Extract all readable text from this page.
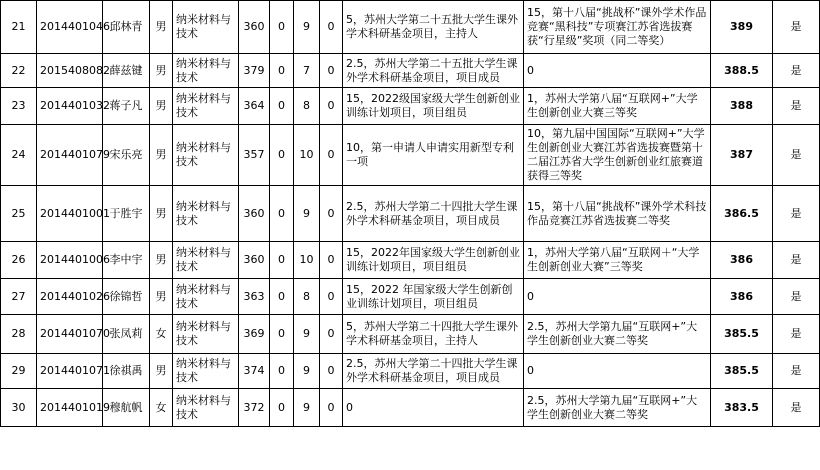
21	2014401046	邱林青	男	纳米材料与技术	360	0	9	0	5，苏州大学第二十五批大学生课外学术科研基金项目，主持人	15，第十八届“挑战杯”课外学术作品竞赛“黑科技”专项赛江苏省选拔赛获“行星级”奖项（同二等奖）	389	是
22	2015408082	薛兹键	男	纳米材料与技术	379	0	7	0	2.5，苏州大学第二十五批大学生课外学术科研基金项目，项目成员	0	388.5	是
23	2014401032	蒋子凡	男	纳米材料与技术	364	0	8	0	15，2022级国家级大学生创新创业训练计划项目，项目组员	1，苏州大学第八届“互联网+”大学生创新创业大赛三等奖	388	是
24	2014401079	宋乐亮	男	纳米材料与技术	357	0	10	0	10，第一申请人申请实用新型专利一项	10，第九届中国国际“互联网+”大学生创新创业大赛江苏省选拔赛暨第十二届江苏省大学生创新创业红旅赛道获得三等奖	387	是
25	2014401001	于胜宇	男	纳米材料与技术	360	0	9	0	2.5，苏州大学第二十四批大学生课外学术科研基金项目，项目成员	15，第十八届“挑战杯”课外学术科技作品竞赛江苏省选拔赛二等奖	386.5	是
26	2014401006	李中宇	男	纳米材料与技术	360	0	10	0	15，2022年国家级大学生创新创业训练计划项目，项目组员	1，苏州大学第八届“互联网＋“大学生创新创业大赛”三等奖	386	是
27	2014401026	徐锦哲	男	纳米材料与技术	363	0	8	0	15，2022 年国家级大学生创新创业训练计划项目，项目组员	0	386	是
28	2014401070	张凤莉	女	纳米材料与技术	369	0	9	0	5，苏州大学第二十四批大学生课外学术科研基金项目，主持人	2.5，苏州大学第九届“互联网+”大学生创新创业大赛二等奖	385.5	是
29	2014401071	徐祺禹	男	纳米材料与技术	374	0	9	0	2.5，苏州大学第二十四批大学生课外学术科研基金项目，项目成员	0	385.5	是
30	2014401019	穆航帆	女	纳米材料与技术	372	0	9	0	0	2.5，苏州大学第九届“互联网+”大学生创新创业大赛二等奖	383.5	是
